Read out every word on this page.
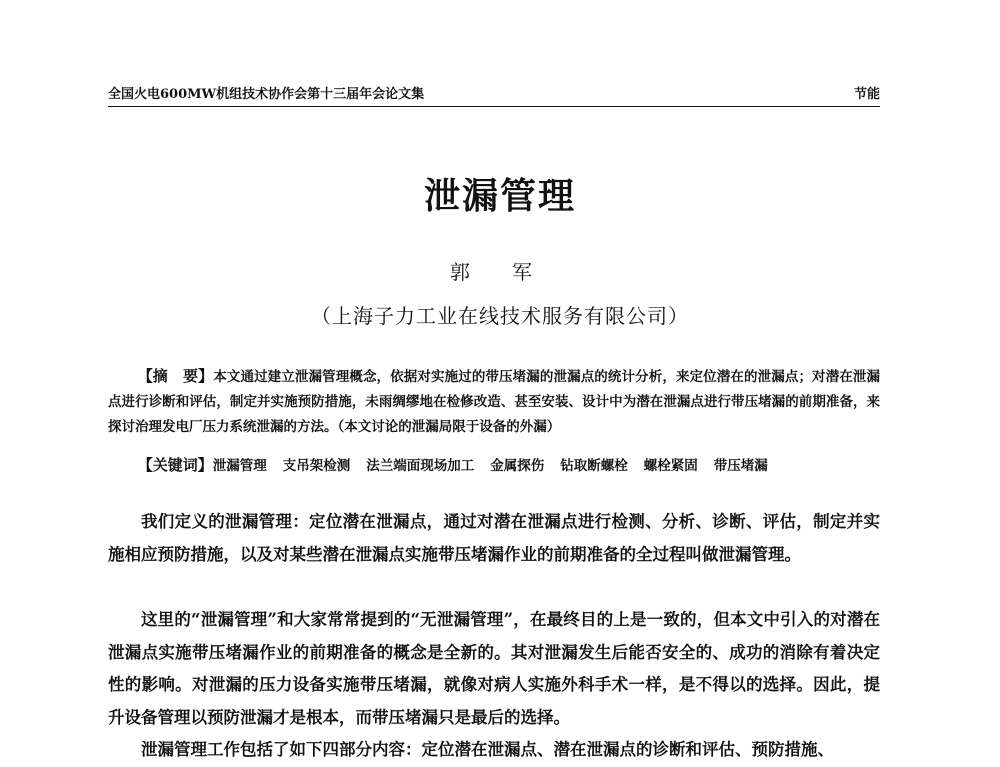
全国火电600MW机组技术协作会第十三届年会论文集	节能
泄漏管理
郭 军
（上海子力工业在线技术服务有限公司）
【摘　要】本文通过建立泄漏管理概念，依据对实施过的带压堵漏的泄漏点的统计分析，来定位潜在的泄漏点；对潜在泄漏点进行诊断和评估，制定并实施预防措施，未雨绸缪地在检修改造、甚至安装、设计中为潜在泄漏点进行带压堵漏的前期准备，来探讨治理发电厂压力系统泄漏的方法。（本文讨论的泄漏局限于设备的外漏）
【关键词】泄漏管理 支吊架检测 法兰端面现场加工 金属探伤 钻取断螺栓 螺栓紧固 带压堵漏

我们定义的泄漏管理：定位潜在泄漏点，通过对潜在泄漏点进行检测、分析、诊断、评估，制定并实施相应预防措施，以及对某些潜在泄漏点实施带压堵漏作业的前期准备的全过程叫做泄漏管理。

这里的“泄漏管理”和大家常常提到的“无泄漏管理”，在最终目的上是一致的，但本文中引入的对潜在泄漏点实施带压堵漏作业的前期准备的概念是全新的。其对泄漏发生后能否安全的、成功的消除有着决定性的影响。对泄漏的压力设备实施带压堵漏，就像对病人实施外科手术一样，是不得以的选择。因此，提升设备管理以预防泄漏才是根本，而带压堵漏只是最后的选择。

泄漏管理工作包括了如下四部分内容：定位潜在泄漏点、潜在泄漏点的诊断和评估、预防措施、
